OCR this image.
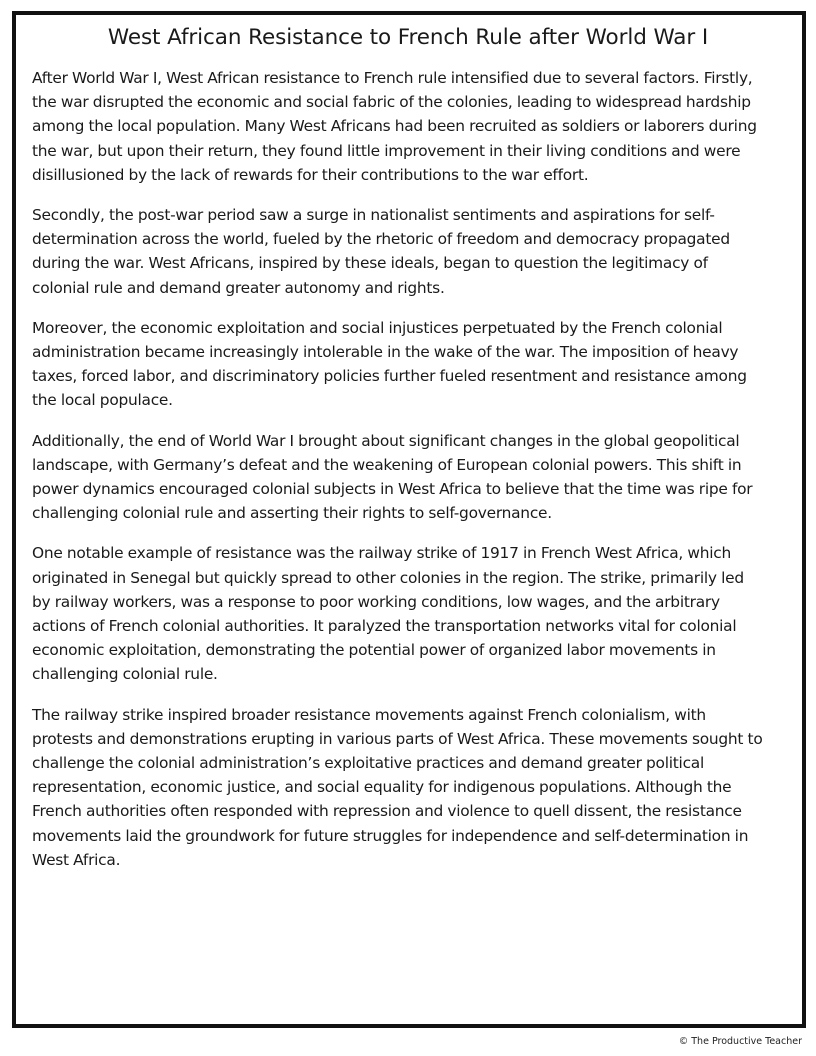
West African Resistance to French Rule after World War I

After World War I, West African resistance to French rule intensified due to several factors. Firstly, the war disrupted the economic and social fabric of the colonies, leading to widespread hardship among the local population. Many West Africans had been recruited as soldiers or laborers during the war, but upon their return, they found little improvement in their living conditions and were disillusioned by the lack of rewards for their contributions to the war effort.

Secondly, the post-war period saw a surge in nationalist sentiments and aspirations for self-determination across the world, fueled by the rhetoric of freedom and democracy propagated during the war. West Africans, inspired by these ideals, began to question the legitimacy of colonial rule and demand greater autonomy and rights.

Moreover, the economic exploitation and social injustices perpetuated by the French colonial administration became increasingly intolerable in the wake of the war. The imposition of heavy taxes, forced labor, and discriminatory policies further fueled resentment and resistance among the local populace.

Additionally, the end of World War I brought about significant changes in the global geopolitical landscape, with Germany’s defeat and the weakening of European colonial powers. This shift in power dynamics encouraged colonial subjects in West Africa to believe that the time was ripe for challenging colonial rule and asserting their rights to self-governance.

One notable example of resistance was the railway strike of 1917 in French West Africa, which originated in Senegal but quickly spread to other colonies in the region. The strike, primarily led by railway workers, was a response to poor working conditions, low wages, and the arbitrary actions of French colonial authorities. It paralyzed the transportation networks vital for colonial economic exploitation, demonstrating the potential power of organized labor movements in challenging colonial rule.

The railway strike inspired broader resistance movements against French colonialism, with protests and demonstrations erupting in various parts of West Africa. These movements sought to challenge the colonial administration’s exploitative practices and demand greater political representation, economic justice, and social equality for indigenous populations. Although the French authorities often responded with repression and violence to quell dissent, the resistance movements laid the groundwork for future struggles for independence and self-determination in West Africa.

© The Productive Teacher
